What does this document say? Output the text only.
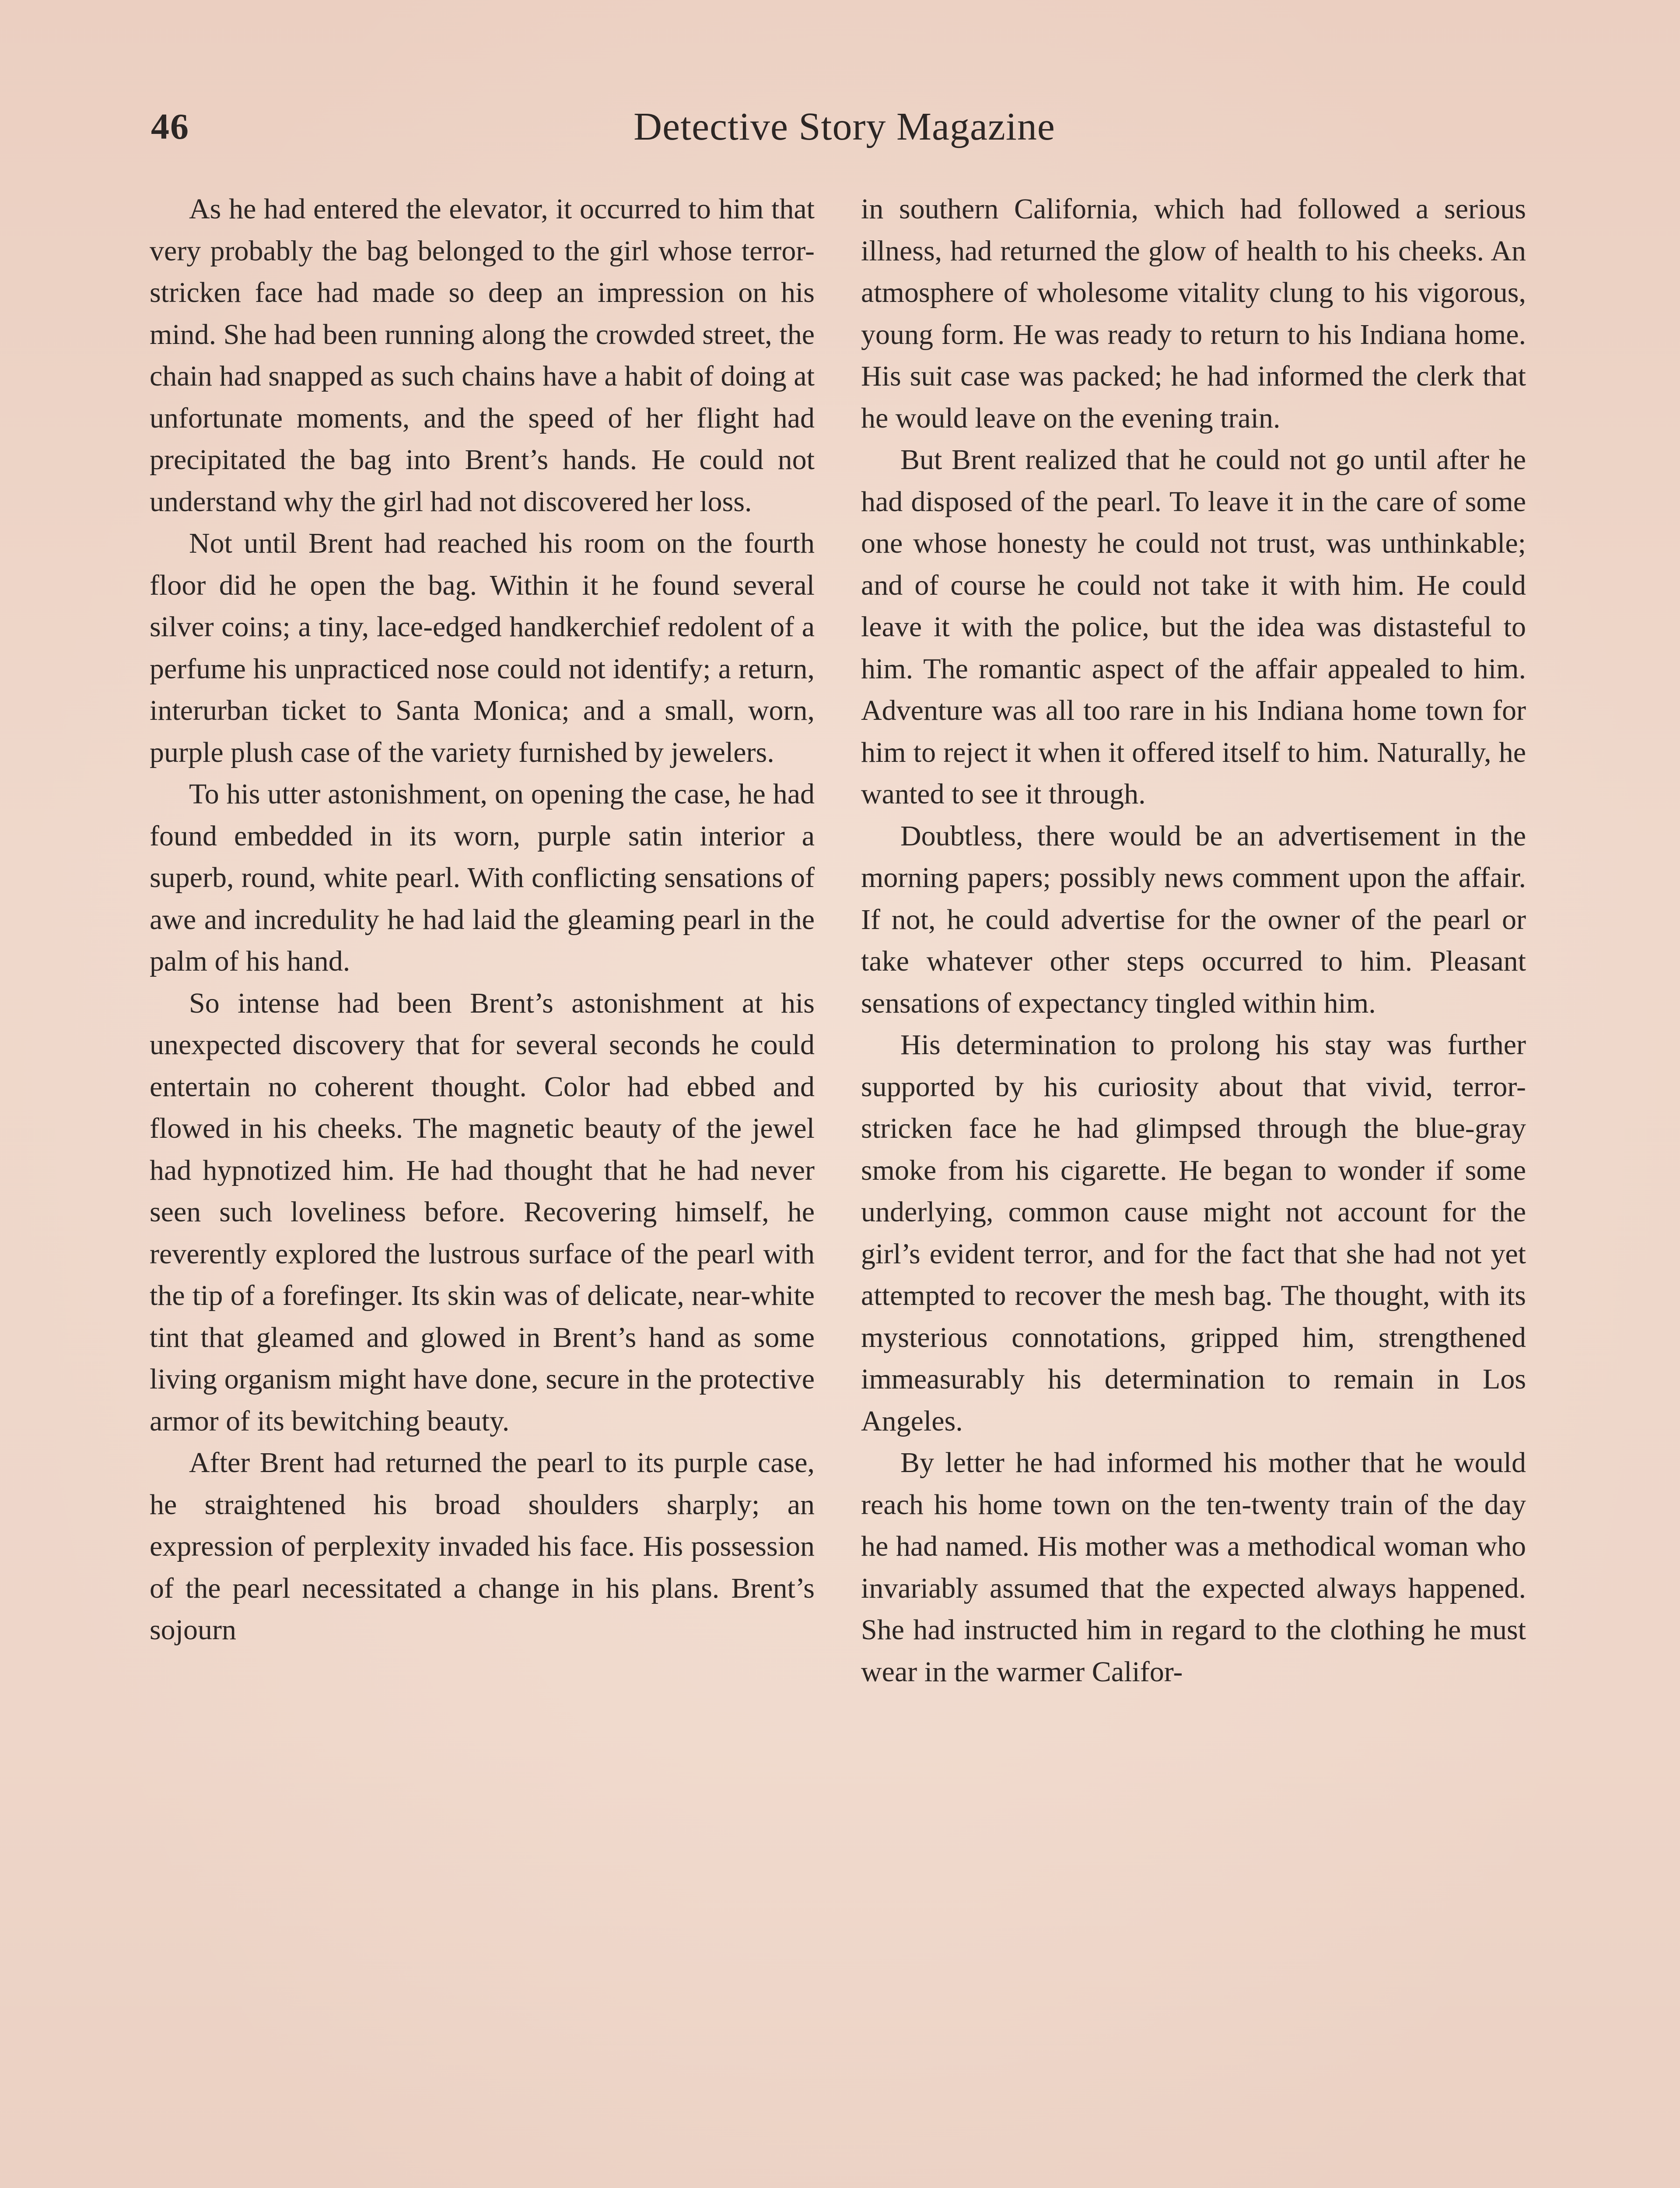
46	Detective Story Magazine

As he had entered the elevator, it occurred to him that very probably the bag belonged to the girl whose terror-stricken face had made so deep an impression on his mind. She had been running along the crowded street, the chain had snapped as such chains have a habit of doing at unfortunate moments, and the speed of her flight had precipitated the bag into Brent’s hands. He could not understand why the girl had not discovered her loss.

Not until Brent had reached his room on the fourth floor did he open the bag. Within it he found several silver coins; a tiny, lace-edged handkerchief redolent of a perfume his unpracticed nose could not identify; a return, interurban ticket to Santa Monica; and a small, worn, purple plush case of the variety furnished by jewelers.

To his utter astonishment, on opening the case, he had found embedded in its worn, purple satin interior a superb, round, white pearl. With conflicting sensations of awe and incredulity he had laid the gleaming pearl in the palm of his hand.

So intense had been Brent’s astonishment at his unexpected discovery that for several seconds he could entertain no coherent thought. Color had ebbed and flowed in his cheeks. The magnetic beauty of the jewel had hypnotized him. He had thought that he had never seen such loveliness before. Recovering himself, he reverently explored the lustrous surface of the pearl with the tip of a forefinger. Its skin was of delicate, near-white tint that gleamed and glowed in Brent’s hand as some living organism might have done, secure in the protective armor of its bewitching beauty.

After Brent had returned the pearl to its purple case, he straightened his broad shoulders sharply; an expression of perplexity invaded his face. His possession of the pearl necessitated a change in his plans. Brent’s sojourn

in southern California, which had followed a serious illness, had returned the glow of health to his cheeks. An atmosphere of wholesome vitality clung to his vigorous, young form. He was ready to return to his Indiana home. His suit case was packed; he had informed the clerk that he would leave on the evening train.

But Brent realized that he could not go until after he had disposed of the pearl. To leave it in the care of some one whose honesty he could not trust, was unthinkable; and of course he could not take it with him. He could leave it with the police, but the idea was distasteful to him. The romantic aspect of the affair appealed to him. Adventure was all too rare in his Indiana home town for him to reject it when it offered itself to him. Naturally, he wanted to see it through.

Doubtless, there would be an advertisement in the morning papers; possibly news comment upon the affair. If not, he could advertise for the owner of the pearl or take whatever other steps occurred to him. Pleasant sensations of expectancy tingled within him.

His determination to prolong his stay was further supported by his curiosity about that vivid, terror-stricken face he had glimpsed through the blue-gray smoke from his cigarette. He began to wonder if some underlying, common cause might not account for the girl’s evident terror, and for the fact that she had not yet attempted to recover the mesh bag. The thought, with its mysterious connotations, gripped him, strengthened immeasurably his determination to remain in Los Angeles.

By letter he had informed his mother that he would reach his home town on the ten-twenty train of the day he had named. His mother was a methodical woman who invariably assumed that the expected always happened. She had instructed him in regard to the clothing he must wear in the warmer Califor-
